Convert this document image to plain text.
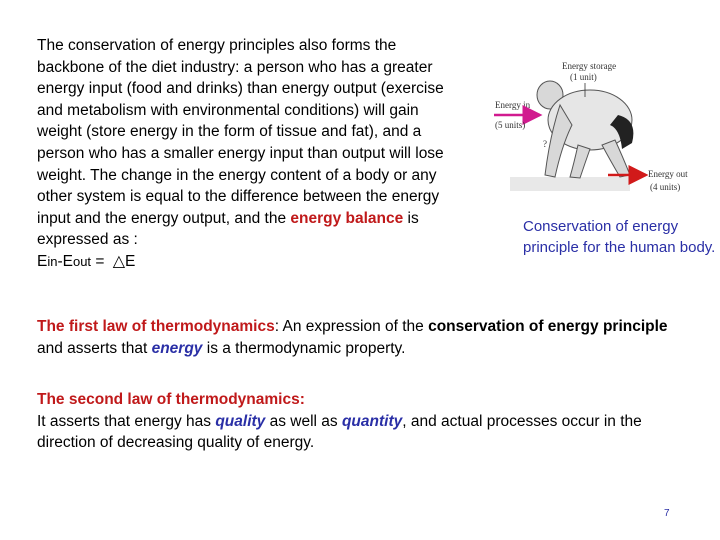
The conservation of energy principles also forms the backbone of the diet industry: a person who has a greater energy input (food and drinks) than energy output (exercise and metabolism with environmental conditions) will gain weight (store energy in the form of tissue and fat), and a person who has a smaller energy input than output will lose weight. The change in the energy content of a body or any other system is equal to the difference between the energy input and the energy output, and the energy balance is expressed as :
Ein-Eout = △E
Energy storage
(1 unit)
Energy in
(5 units)
?
Energy out
(4 units)
Conservation of energy principle for the human body.
The first law of thermodynamics: An expression of the conservation of energy principle and asserts that energy is a thermodynamic property.
The second law of thermodynamics:
It asserts that energy has quality as well as quantity, and actual processes occur in the direction of decreasing quality of energy.
7
